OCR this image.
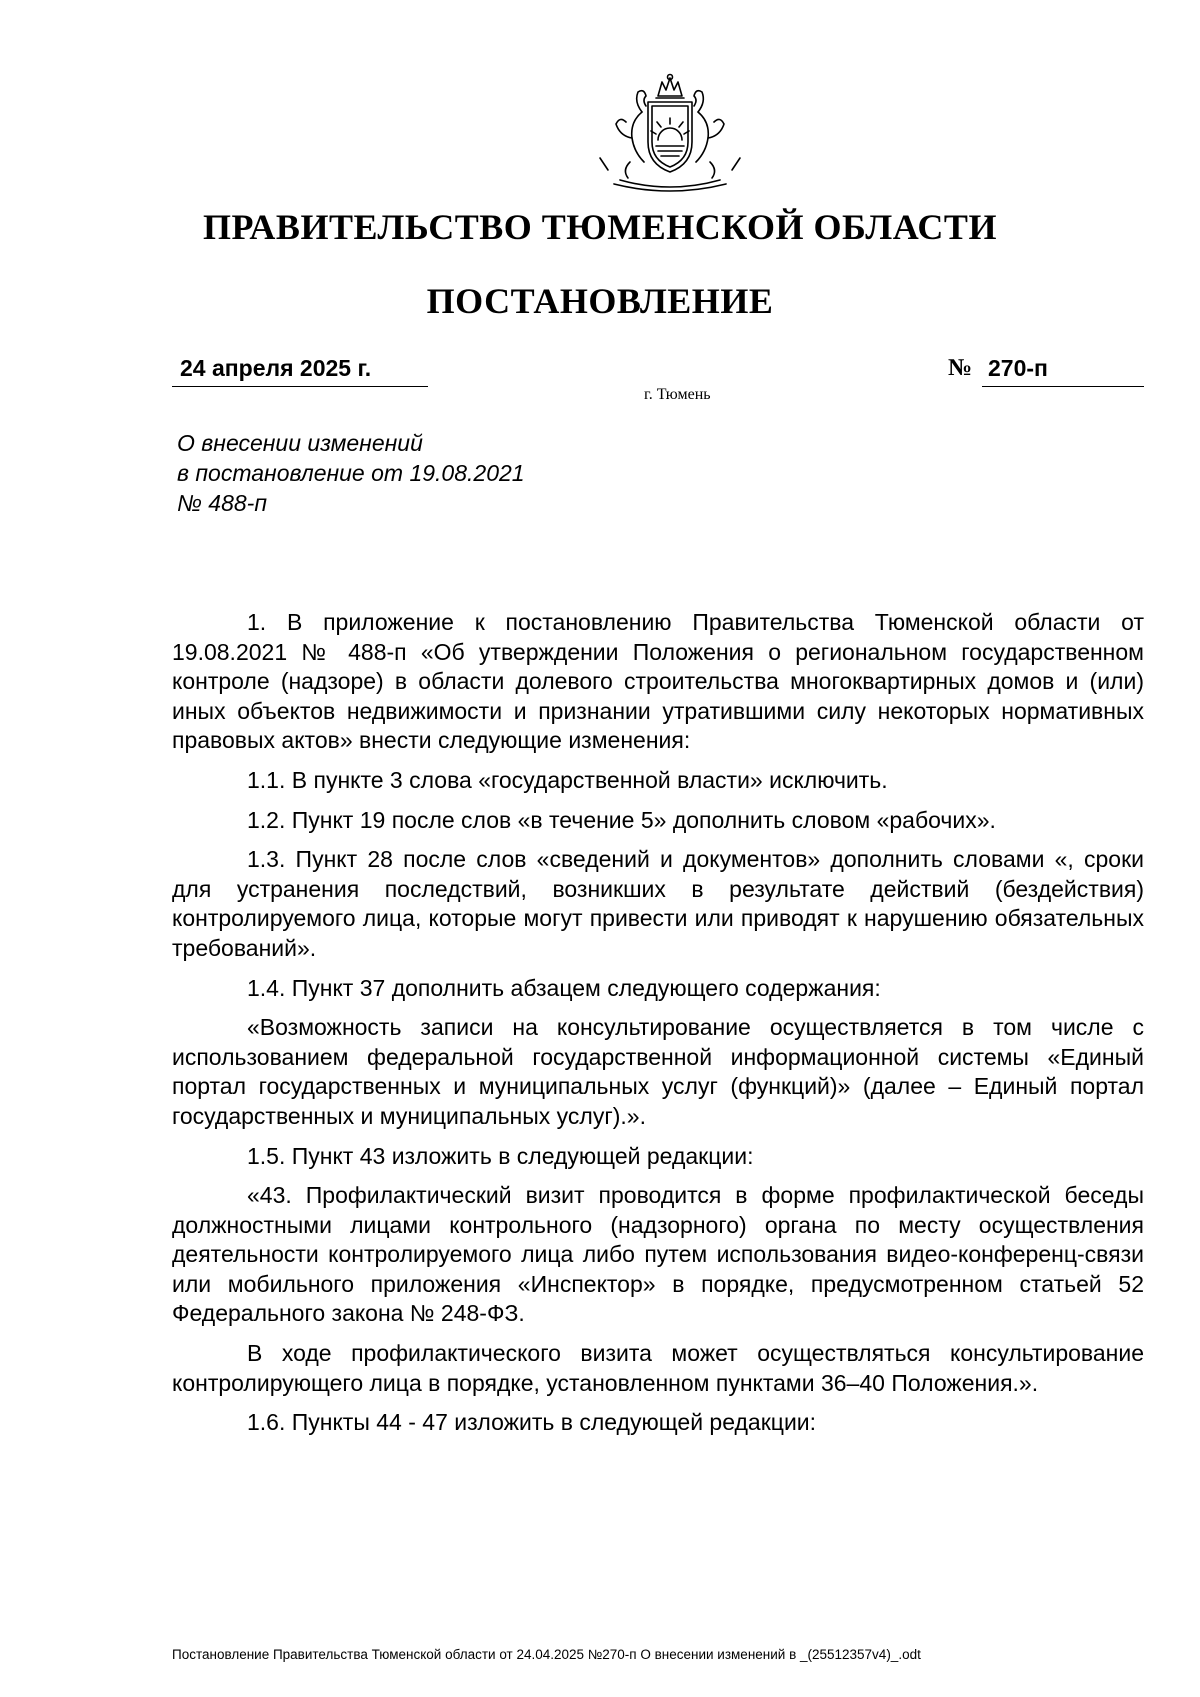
ПРАВИТЕЛЬСТВО ТЮМЕНСКОЙ ОБЛАСТИ
ПОСТАНОВЛЕНИЕ
24 апреля 2025 г.	№ 270-п
г. Тюмень
О внесении изменений
в постановление от 19.08.2021
№ 488-п

1. В приложение к постановлению Правительства Тюменской области от 19.08.2021 № 488-п «Об утверждении Положения о региональном государственном контроле (надзоре) в области долевого строительства многоквартирных домов и (или) иных объектов недвижимости и признании утратившими силу некоторых нормативных правовых актов» внести следующие изменения:

1.1. В пункте 3 слова «государственной власти» исключить.

1.2. Пункт 19 после слов «в течение 5» дополнить словом «рабочих».

1.3. Пункт 28 после слов «сведений и документов» дополнить словами «, сроки для устранения последствий, возникших в результате действий (бездействия) контролируемого лица, которые могут привести или приводят к нарушению обязательных требований».

1.4. Пункт 37 дополнить абзацем следующего содержания:

«Возможность записи на консультирование осуществляется в том числе с использованием федеральной государственной информационной системы «Единый портал государственных и муниципальных услуг (функций)» (далее – Единый портал государственных и муниципальных услуг).».

1.5. Пункт 43 изложить в следующей редакции:

«43. Профилактический визит проводится в форме профилактической беседы должностными лицами контрольного (надзорного) органа по месту осуществления деятельности контролируемого лица либо путем использования видео-конференц-связи или мобильного приложения «Инспектор» в порядке, предусмотренном статьей 52 Федерального закона № 248-ФЗ.

В ходе профилактического визита может осуществляться консультирование контролирующего лица в порядке, установленном пунктами 36–40 Положения.».

1.6. Пункты 44 - 47 изложить в следующей редакции:

Постановление Правительства Тюменской области от 24.04.2025 №270-п О внесении изменений в _(25512357v4)_.odt
